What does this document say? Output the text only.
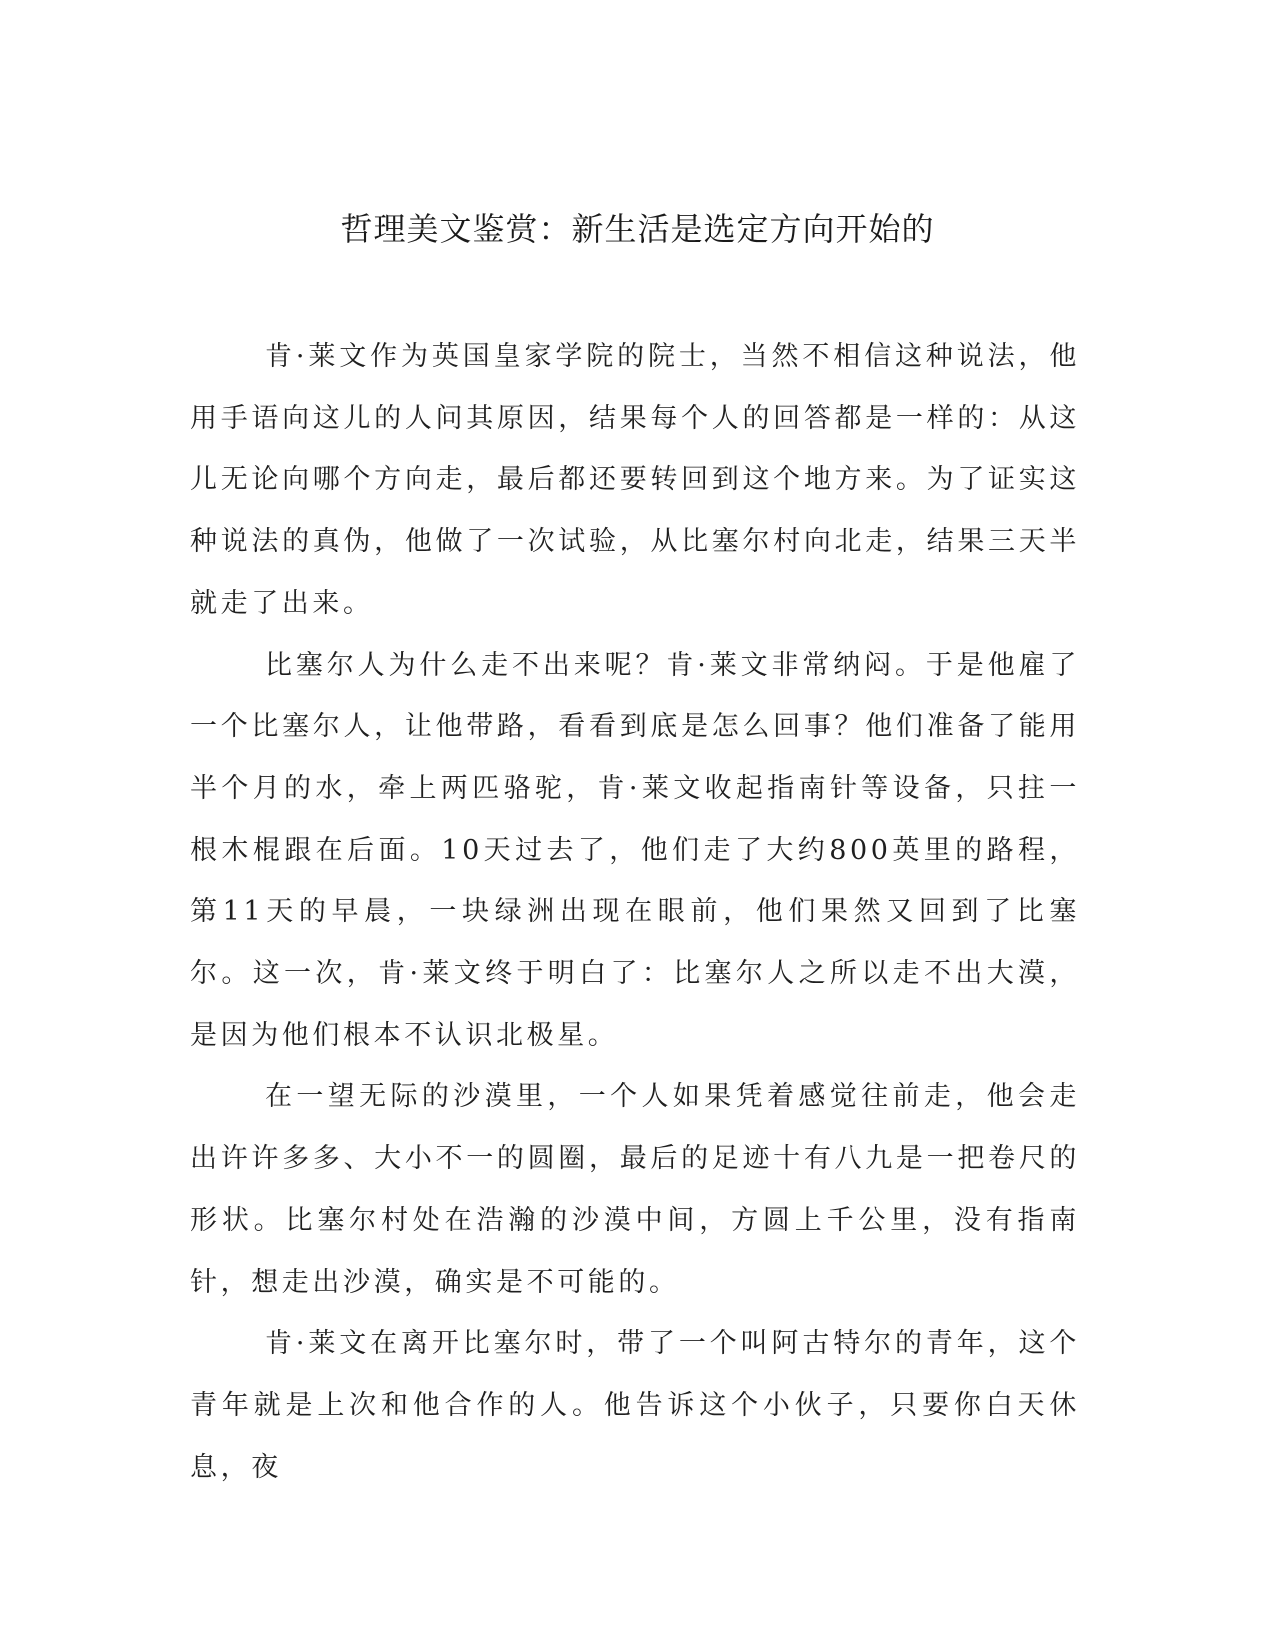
哲理美文鉴赏：新生活是选定方向开始的

肯·莱文作为英国皇家学院的院士，当然不相信这种说法，他用手语向这儿的人问其原因，结果每个人的回答都是一样的：从这儿无论向哪个方向走，最后都还要转回到这个地方来。为了证实这种说法的真伪，他做了一次试验，从比塞尔村向北走，结果三天半就走了出来。

比塞尔人为什么走不出来呢？肯·莱文非常纳闷。于是他雇了一个比塞尔人，让他带路，看看到底是怎么回事？他们准备了能用半个月的水，牵上两匹骆驼，肯·莱文收起指南针等设备，只拄一根木棍跟在后面。10天过去了，他们走了大约800英里的路程，第11天的早晨，一块绿洲出现在眼前，他们果然又回到了比塞尔。这一次，肯·莱文终于明白了：比塞尔人之所以走不出大漠，是因为他们根本不认识北极星。

在一望无际的沙漠里，一个人如果凭着感觉往前走，他会走出许许多多、大小不一的圆圈，最后的足迹十有八九是一把卷尺的形状。比塞尔村处在浩瀚的沙漠中间，方圆上千公里，没有指南针，想走出沙漠，确实是不可能的。

肯·莱文在离开比塞尔时，带了一个叫阿古特尔的青年，这个青年就是上次和他合作的人。他告诉这个小伙子，只要你白天休息，夜
